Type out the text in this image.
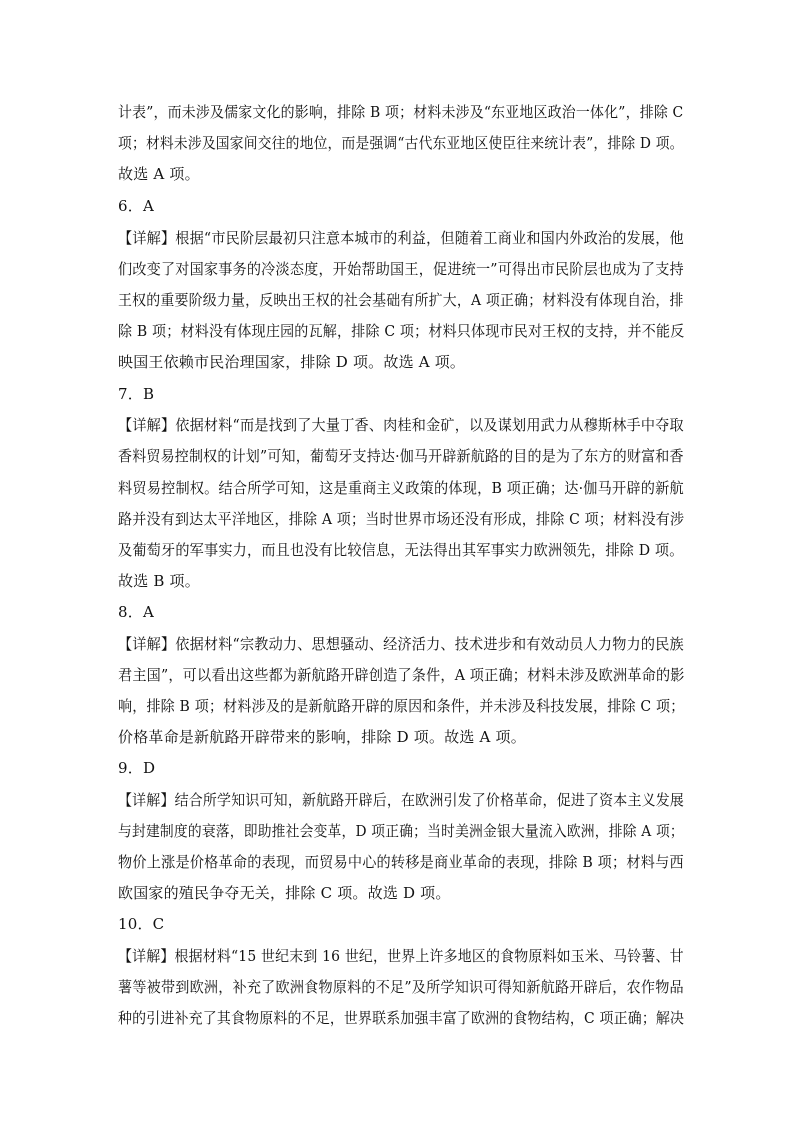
计表”，而未涉及儒家文化的影响，排除 B 项；材料未涉及“东亚地区政治一体化”，排除 C
项；材料未涉及国家间交往的地位，而是强调“古代东亚地区使臣往来统计表”，排除 D 项。
故选 A 项。
6．A
【详解】根据“市民阶层最初只注意本城市的利益，但随着工商业和国内外政治的发展，他
们改变了对国家事务的冷淡态度，开始帮助国王，促进统一”可得出市民阶层也成为了支持
王权的重要阶级力量，反映出王权的社会基础有所扩大，A 项正确；材料没有体现自治，排
除 B 项；材料没有体现庄园的瓦解，排除 C 项；材料只体现市民对王权的支持，并不能反
映国王依赖市民治理国家，排除 D 项。故选 A 项。
7．B
【详解】依据材料“而是找到了大量丁香、肉桂和金矿，以及谋划用武力从穆斯林手中夺取
香料贸易控制权的计划”可知，葡萄牙支持达·伽马开辟新航路的目的是为了东方的财富和香
料贸易控制权。结合所学可知，这是重商主义政策的体现，B 项正确；达·伽马开辟的新航
路并没有到达太平洋地区，排除 A 项；当时世界市场还没有形成，排除 C 项；材料没有涉
及葡萄牙的军事实力，而且也没有比较信息，无法得出其军事实力欧洲领先，排除 D 项。
故选 B 项。
8．A
【详解】依据材料“宗教动力、思想骚动、经济活力、技术进步和有效动员人力物力的民族
君主国”，可以看出这些都为新航路开辟创造了条件，A 项正确；材料未涉及欧洲革命的影
响，排除 B 项；材料涉及的是新航路开辟的原因和条件，并未涉及科技发展，排除 C 项；
价格革命是新航路开辟带来的影响，排除 D 项。故选 A 项。
9．D
【详解】结合所学知识可知，新航路开辟后，在欧洲引发了价格革命，促进了资本主义发展
与封建制度的衰落，即助推社会变革，D 项正确；当时美洲金银大量流入欧洲，排除 A 项；
物价上涨是价格革命的表现，而贸易中心的转移是商业革命的表现，排除 B 项；材料与西
欧国家的殖民争夺无关，排除 C 项。故选 D 项。
10．C
【详解】根据材料“15 世纪末到 16 世纪，世界上许多地区的食物原料如玉米、马铃薯、甘
薯等被带到欧洲，补充了欧洲食物原料的不足”及所学知识可得知新航路开辟后，农作物品
种的引进补充了其食物原料的不足，世界联系加强丰富了欧洲的食物结构，C 项正确；解决
